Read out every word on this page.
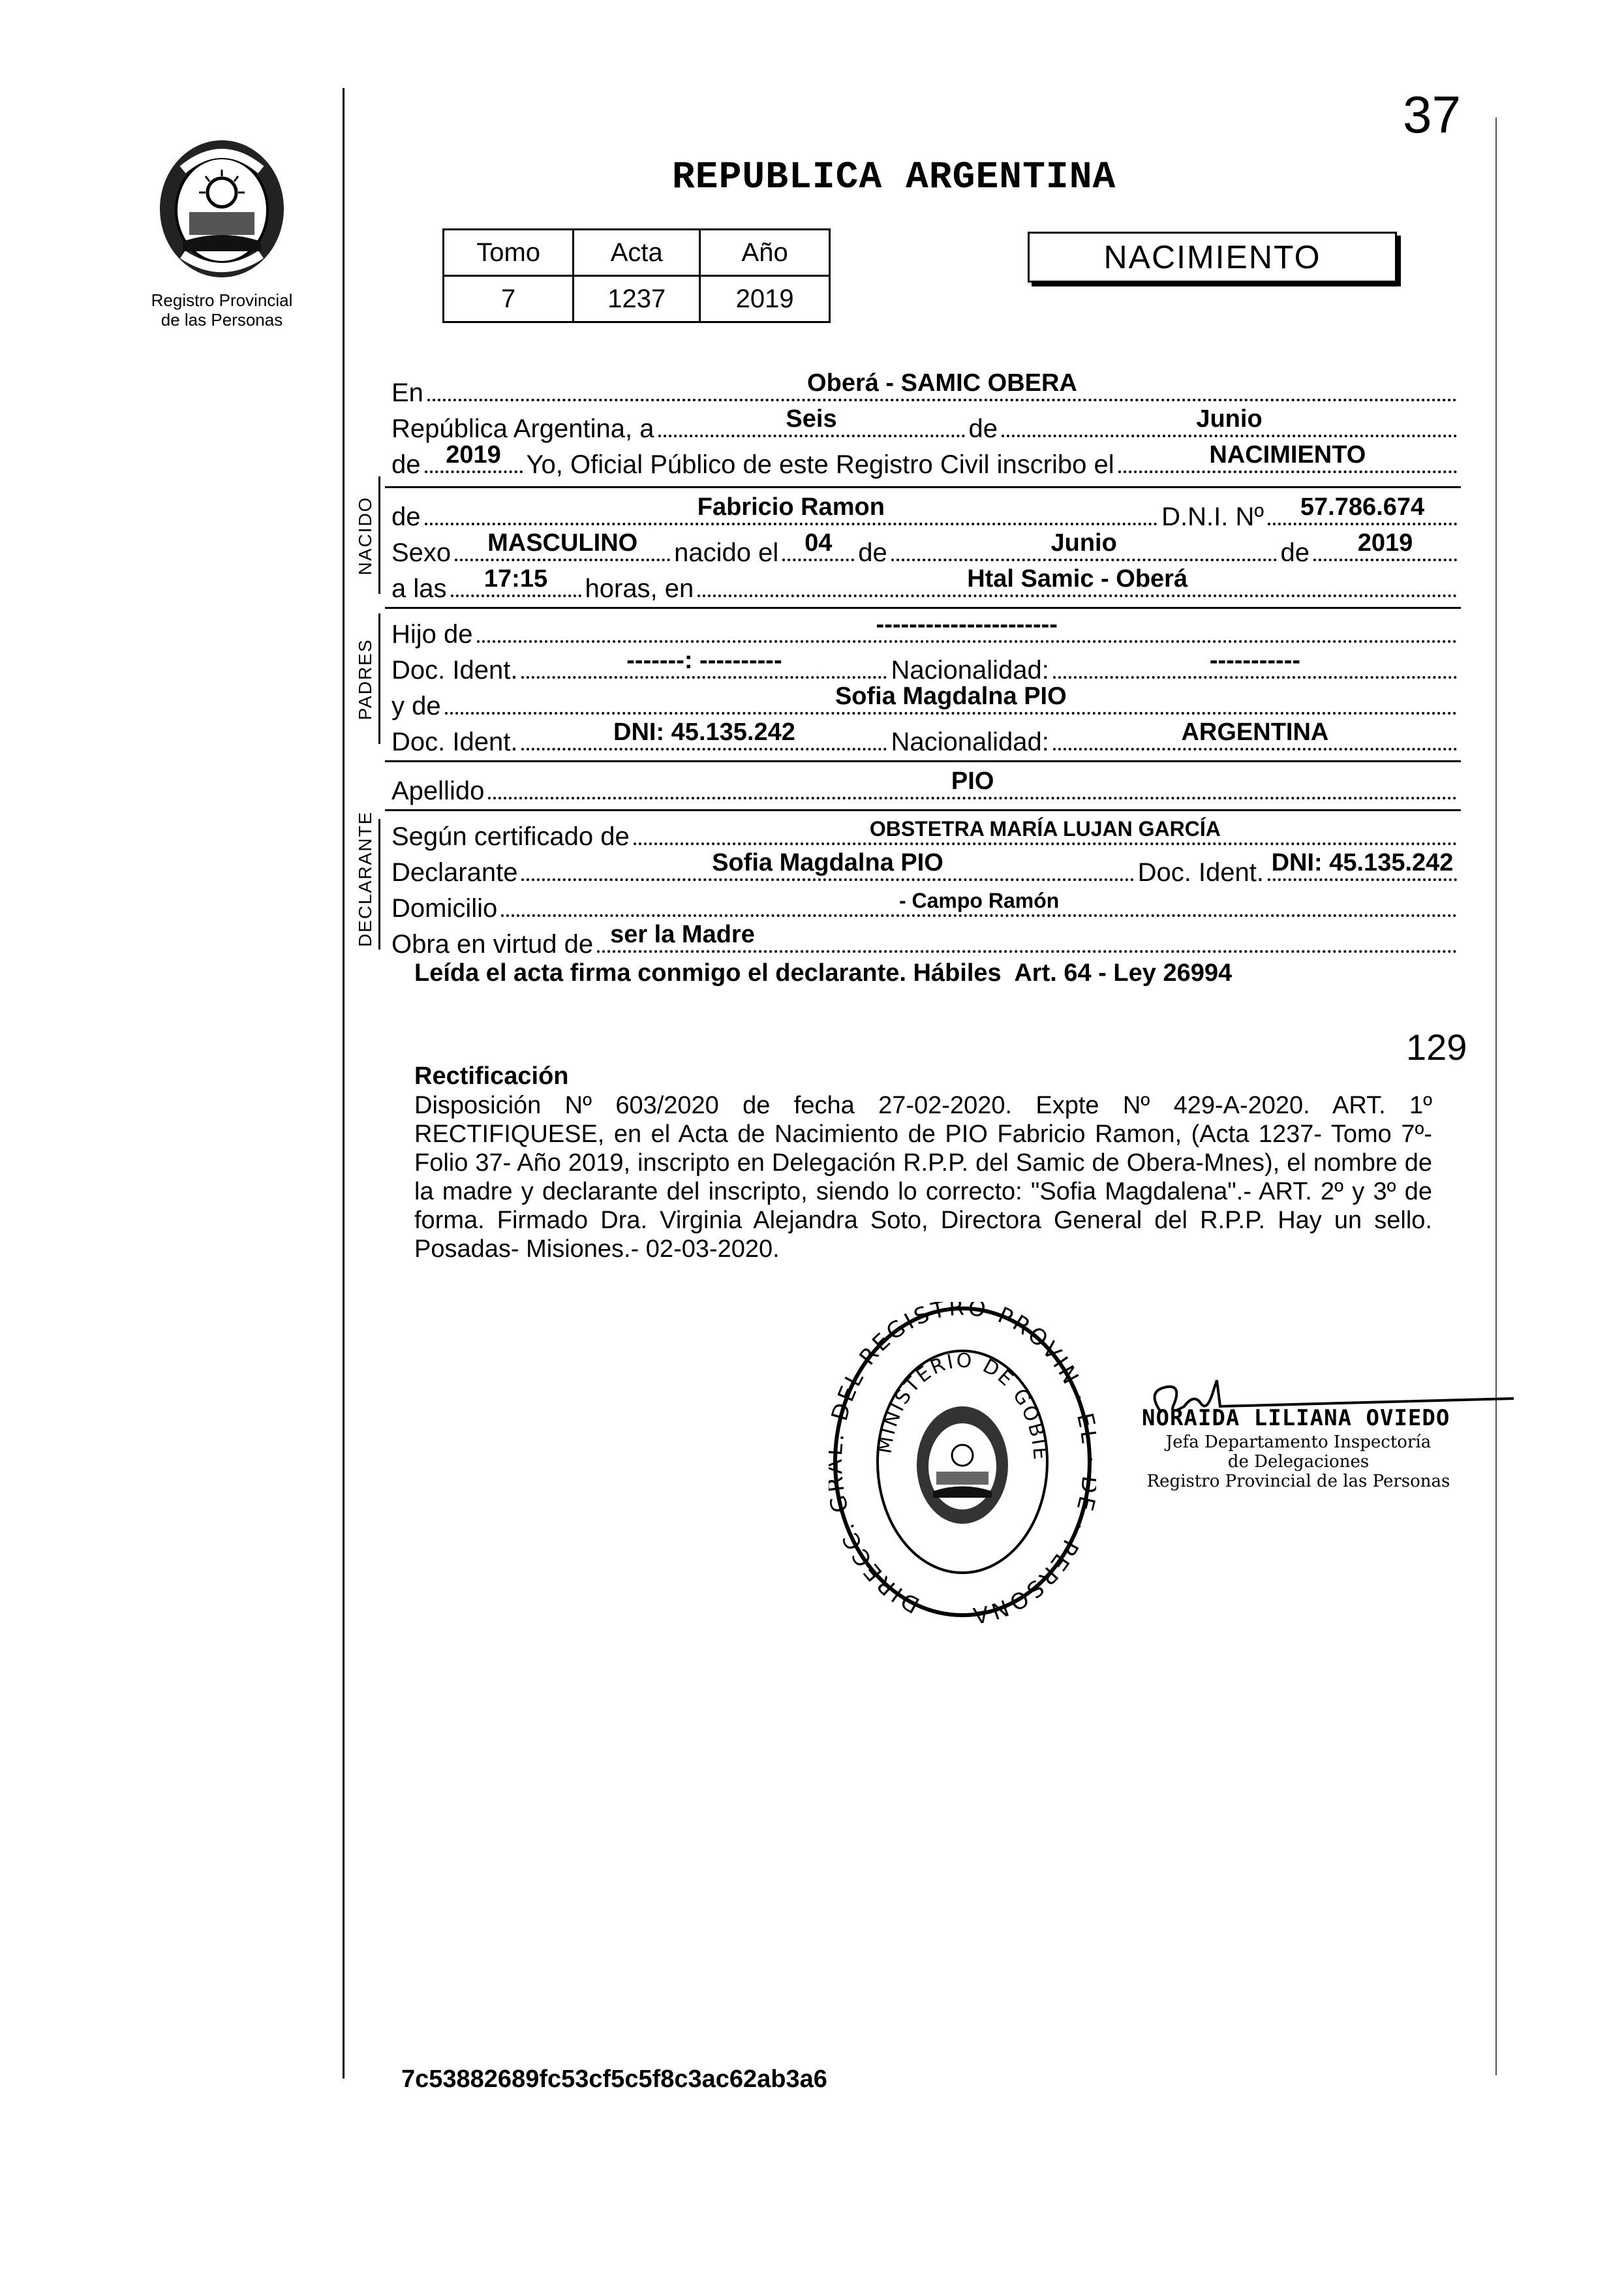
37
Registro Provincial
de las Personas
REPUBLICA ARGENTINA
Tomo	Acta	Año
7	1237	2019
NACIMIENTO
NACIDO
PADRES
DECLARANTE
En	Oberá - SAMIC OBERA
República Argentina, a	Seis	de	Junio
de	2019 Yo, Oficial Público de este Registro Civil inscribo el	NACIMIENTO
de	Fabricio Ramon	D.N.I. Nº	57.786.674
Sexo	MASCULINO	nacido el	04 de	Junio	de	2019
a las	17:15	horas, en	Htal Samic - Oberá
Hijo de	----------------------
Doc. Ident.	-------: ----------	Nacionalidad:	-----------
y de	Sofia Magdalna PIO
Doc. Ident.	DNI: 45.135.242	Nacionalidad:	ARGENTINA
Apellido	PIO
Según certificado de	OBSTETRA MARÍA LUJAN GARCÍA
Declarante	Sofia Magdalna PIO	Doc. Ident. DNI: 45.135.242
Domicilio	- Campo Ramón
Obra en virtud de ser la Madre
Leída el acta firma conmigo el declarante. Hábiles  Art. 64 - Ley 26994
129
Rectificación
Disposición Nº 603/2020 de fecha 27-02-2020. Expte Nº 429-A-2020. ART. 1º RECTIFIQUESE, en el Acta de Nacimiento de PIO Fabricio Ramon, (Acta 1237- Tomo 7º- Folio 37- Año 2019, inscripto en Delegación R.P.P. del Samic de Obera-Mnes), el nombre de la madre y declarante del inscripto, siendo lo correcto: "Sofia Magdalena".- ART. 2º y 3º de forma. Firmado Dra. Virginia Alejandra Soto, Directora General del R.P.P. Hay un sello. Posadas- Misiones.- 02-03-2020.
DIRECC. DEL REGISTRO PROVIN · · PERSONA
MINISTERIO DE GOBIE
NORAIDA LILIANA OVIEDO
Jefa Departamento Inspectoría
de Delegaciones
Registro Provincial de las Personas
7c53882689fc53cf5c5f8c3ac62ab3a6
